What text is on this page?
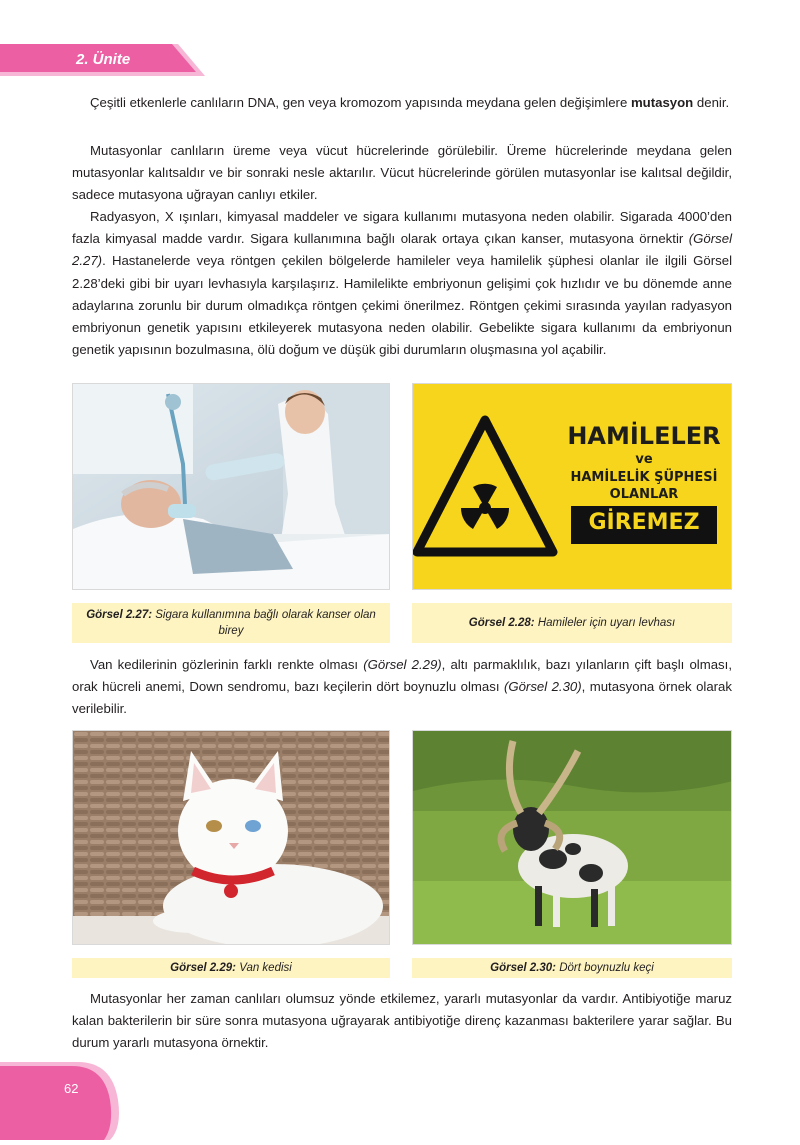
2. Ünite

Çeşitli etkenlerle canlıların DNA, gen veya kromozom yapısında meydana gelen değişimlere mutasyon denir.

Mutasyonlar canlıların üreme veya vücut hücrelerinde görülebilir. Üreme hücrelerinde meydana gelen mutasyonlar kalıtsaldır ve bir sonraki nesle aktarılır. Vücut hücrelerinde görülen mutasyonlar ise kalıtsal değildir, sadece mutasyona uğrayan canlıyı etkiler.

Radyasyon, X ışınları, kimyasal maddeler ve sigara kullanımı mutasyona neden olabilir. Sigarada 4000’den fazla kimyasal madde vardır. Sigara kullanımına bağlı olarak ortaya çıkan kanser, mutasyona örnektir (Görsel 2.27). Hastanelerde veya röntgen çekilen bölgelerde hamileler veya hamilelik şüphesi olanlar ile ilgili Görsel 2.28’deki gibi bir uyarı levhasıyla karşılaşırız. Hamilelikte embriyonun gelişimi çok hızlıdır ve bu dönemde anne adaylarına zorunlu bir durum olmadıkça röntgen çekimi önerilmez. Röntgen çekimi sırasında yayılan radyasyon embriyonun genetik yapısını etkileyerek mutasyona neden olabilir. Gebelikte sigara kullanımı da embriyonun genetik yapısının bozulmasına, ölü doğum ve düşük gibi durumların oluşmasına yol açabilir.

HAMİLELER
ve
HAMİLELİK ŞÜPHESİ
OLANLAR
GİREMEZ
Görsel 2.27: Sigara kullanımına bağlı olarak kanser olan birey
Görsel 2.28: Hamileler için uyarı levhası

Van kedilerinin gözlerinin farklı renkte olması (Görsel 2.29), altı parmaklılık, bazı yılanların çift başlı olması, orak hücreli anemi, Down sendromu, bazı keçilerin dört boynuzlu olması (Görsel 2.30), mutasyona örnek olarak verilebilir.

Görsel 2.29: Van kedisi	Görsel 2.30: Dört boynuzlu keçi

Mutasyonlar her zaman canlıları olumsuz yönde etkilemez, yararlı mutasyonlar da vardır. Antibiyotiğe maruz kalan bakterilerin bir süre sonra mutasyona uğrayarak antibiyotiğe direnç kazanması bakterilere yarar sağlar. Bu durum yararlı mutasyona örnektir.

62
